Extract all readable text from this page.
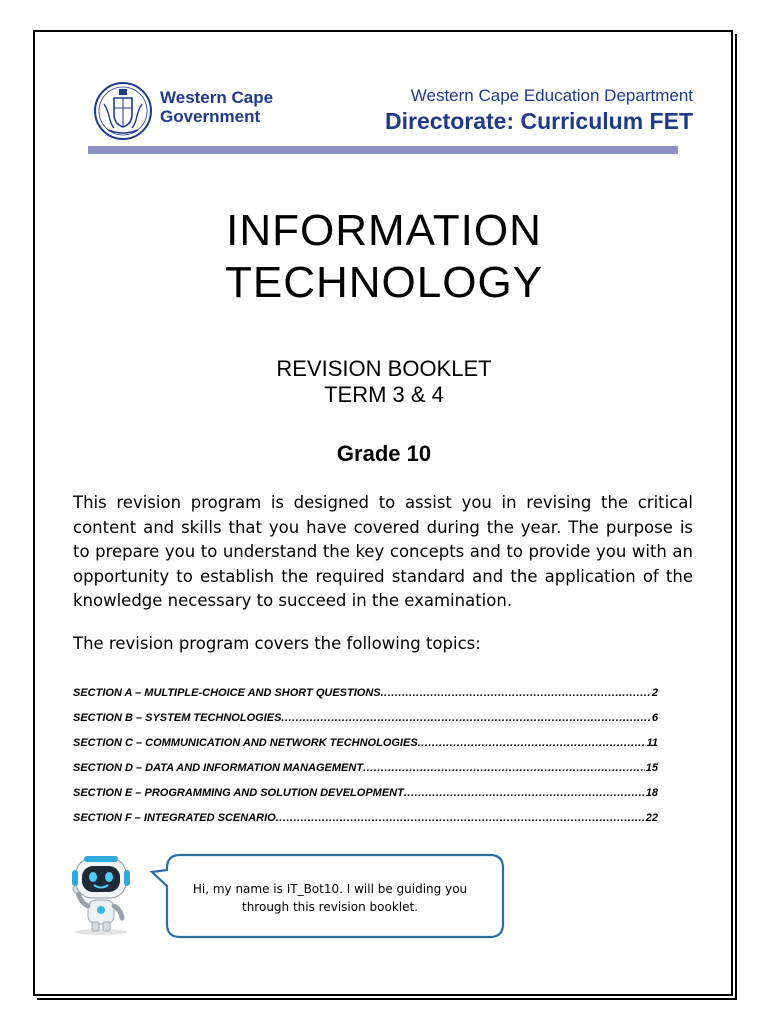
Western Cape
Government
Western Cape Education Department
Directorate: Curriculum FET
INFORMATION
TECHNOLOGY
REVISION BOOKLET
TERM 3 & 4
Grade 10
This revision program is designed to assist you in revising the critical content and skills that you have covered during the year. The purpose is to prepare you to understand the key concepts and to provide you with an opportunity to establish the required standard and the application of the knowledge necessary to succeed in the examination.
The revision program covers the following topics:
SECTION A – MULTIPLE-CHOICE AND SHORT QUESTIONS .....	2
SECTION B – SYSTEM TECHNOLOGIES .....	6
SECTION C – COMMUNICATION AND NETWORK TECHNOLOGIES .....	11
SECTION D – DATA AND INFORMATION MANAGEMENT .....	15
SECTION E – PROGRAMMING AND SOLUTION DEVELOPMENT .....	18
SECTION F – INTEGRATED SCENARIO .....	22
Hi, my name is IT_Bot10. I will be guiding you through this revision booklet.
